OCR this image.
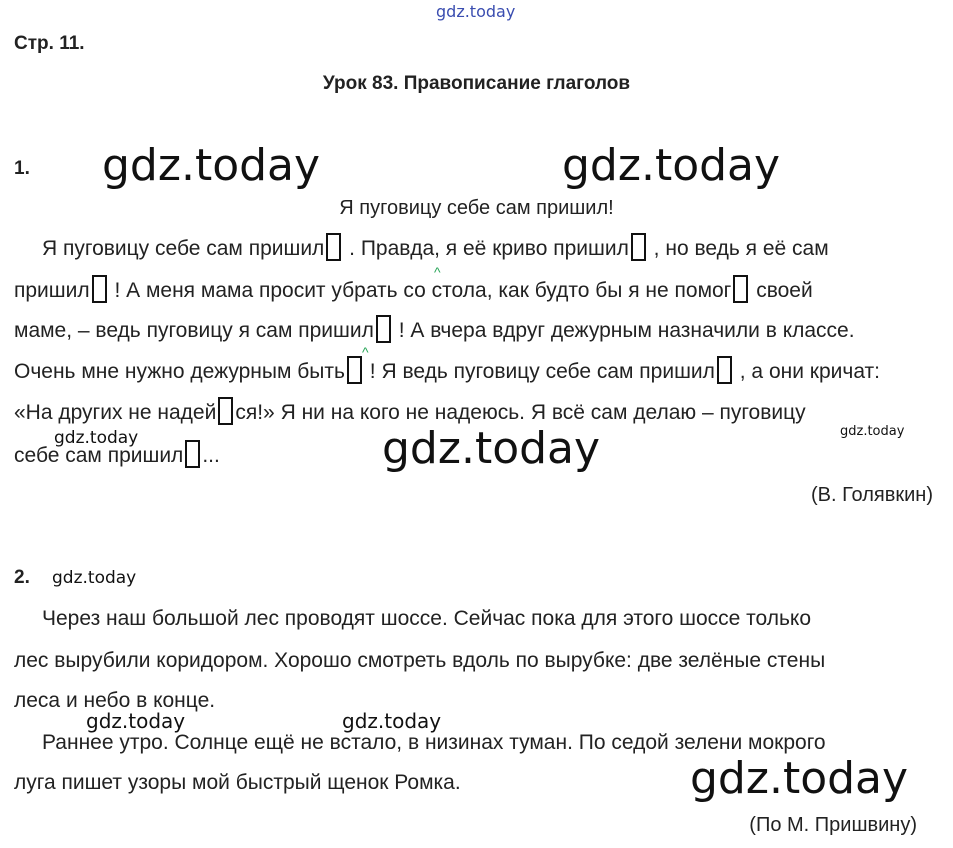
gdz.today
Стр. 11.
Урок 83. Правописание глаголов
1. gdz.today	gdz.today
Я пуговицу себе сам пришил!
Я пуговицу себе сам пришил . Правда, я её криво пришил , но ведь я её сам
пришил ! А меня мама просит убрать со стола, как будто бы я не помог своей
^
маме, – ведь пуговицу я сам пришил ! А вчера вдруг дежурным назначили в классе.
Очень мне нужно дежурным быть ! Я ведь пуговицу себе сам пришил , а они кричат:
^
«На других не надей ся!» Я ни на кого не надеюсь. Я всё сам делаю – пуговицу
gdz.today	gdz.today
себе сам пришил ...	gdz.today
(В. Голявкин)
2. gdz.today
Через наш большой лес проводят шоссе. Сейчас пока для этого шоссе только
лес вырубили коридором. Хорошо смотреть вдоль по вырубке: две зелёные стены
леса и небо в конце.
gdz.today	gdz.today
Раннее утро. Солнце ещё не встало, в низинах туман. По седой зелени мокрого
луга пишет узоры мой быстрый щенок Ромка.	gdz.today
(По М. Пришвину)
